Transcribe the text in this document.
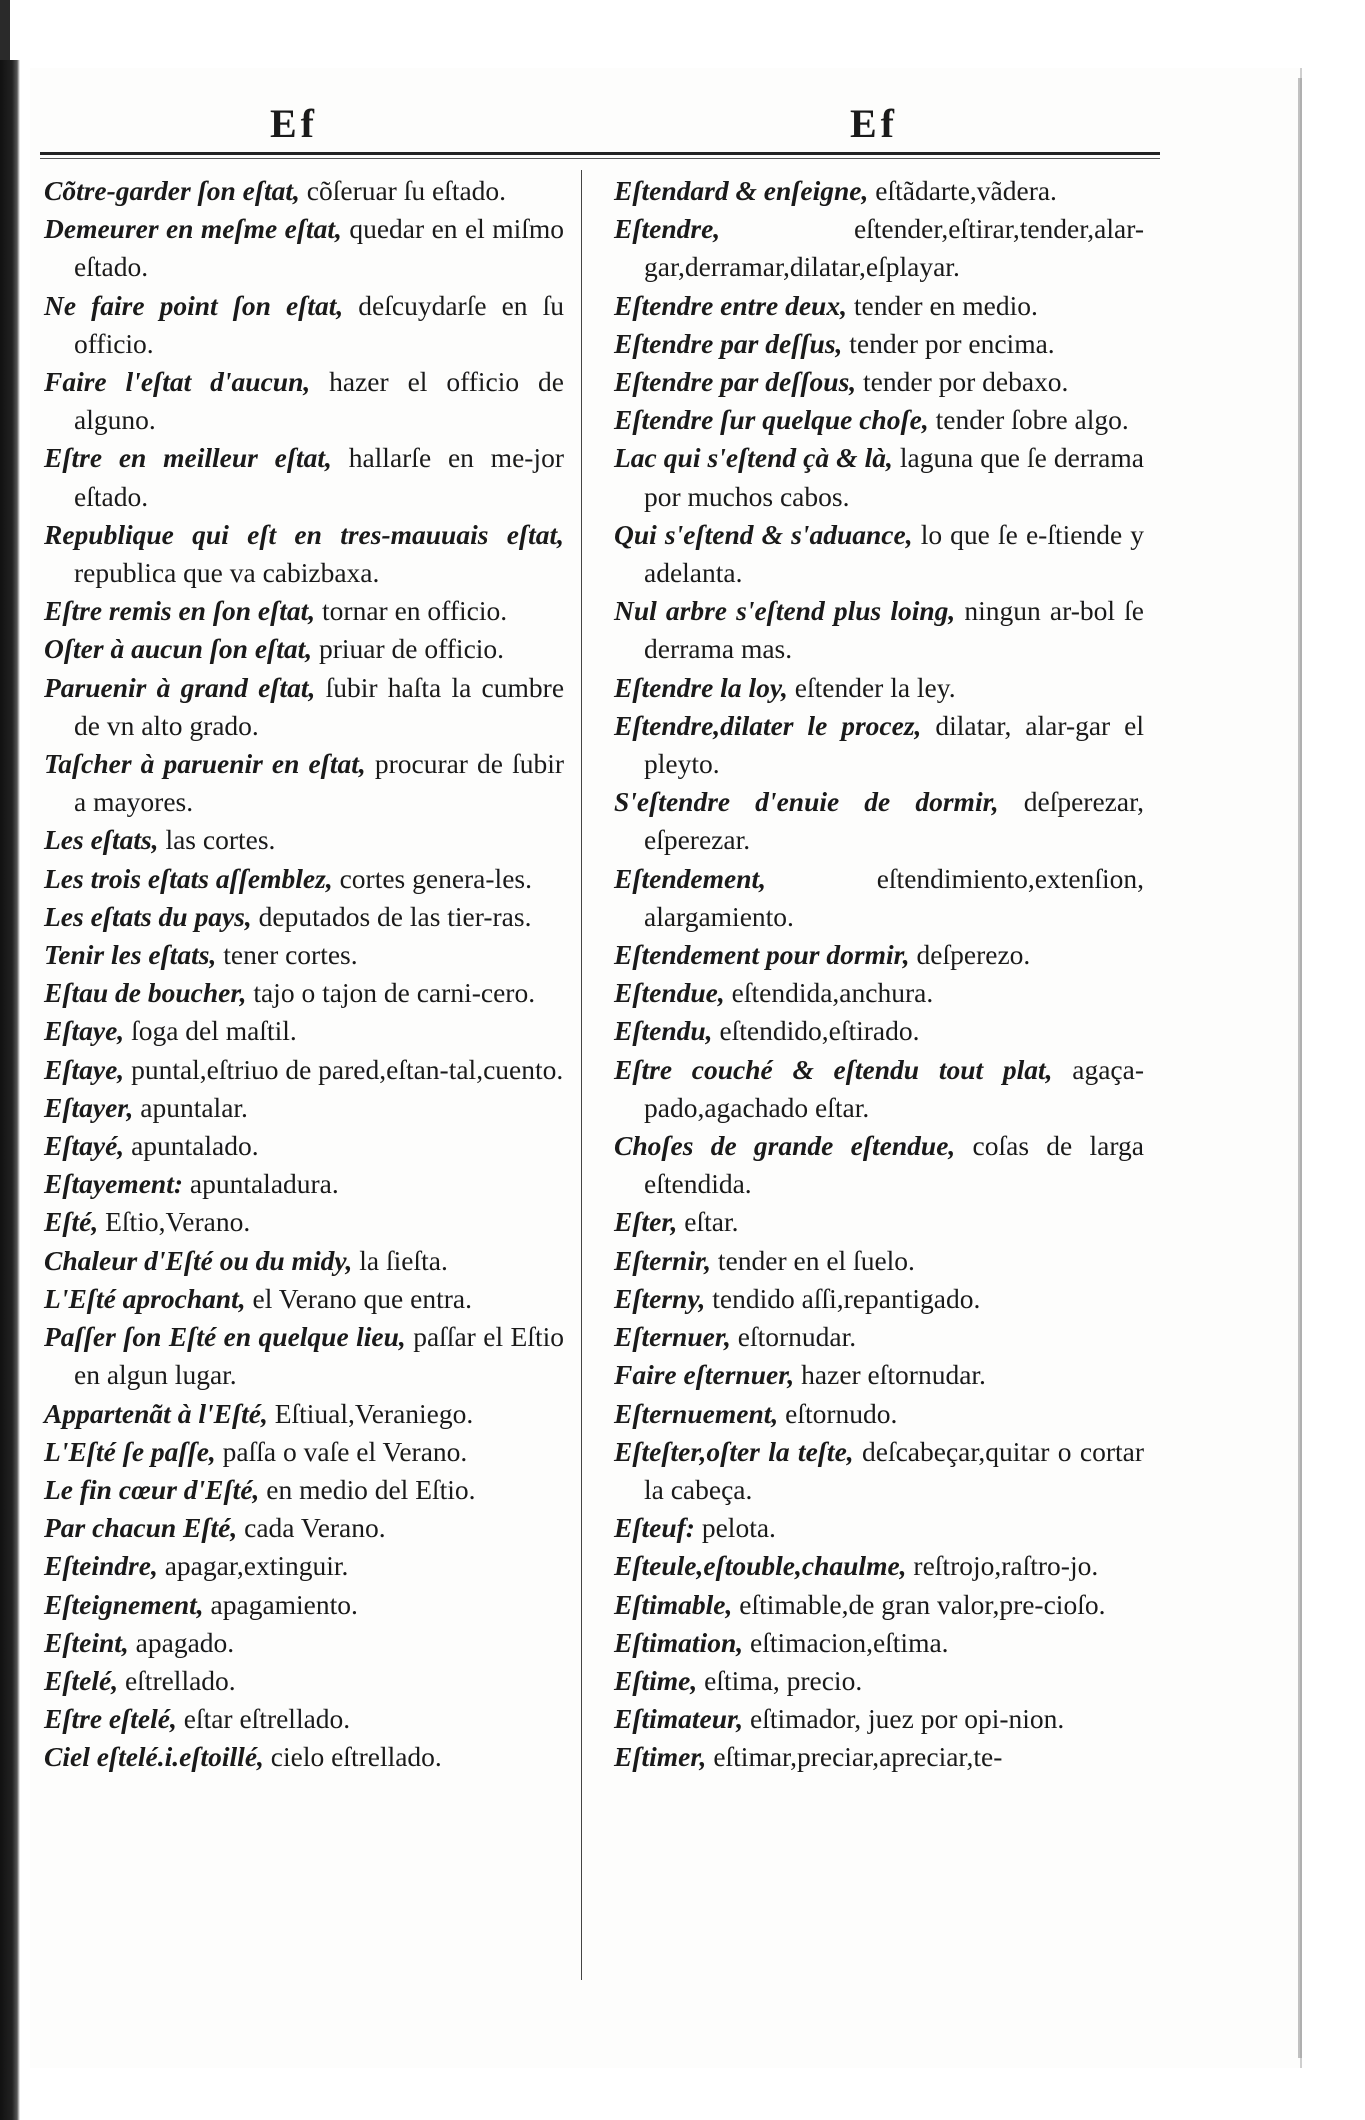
Ef	Ef

Cõtre-garder ſon eſtat, cõſeruar ſu eſtado.

Demeurer en meſme eſtat, quedar en el miſmo eſtado.

Ne faire point ſon eſtat, deſcuydarſe en ſu officio.

Faire l'eſtat d'aucun, hazer el officio de alguno.

Eſtre en meilleur eſtat, hallarſe en me-jor eſtado.

Republique qui eſt en tres-mauuais eſtat, republica que va cabizbaxa.

Eſtre remis en ſon eſtat, tornar en officio.

Oſter à aucun ſon eſtat, priuar de officio.

Paruenir à grand eſtat, ſubir haſta la cumbre de vn alto grado.

Taſcher à paruenir en eſtat, procurar de ſubir a mayores.

Les eſtats, las cortes.

Les trois eſtats aſſemblez, cortes genera-les.

Les eſtats du pays, deputados de las tier-ras.

Tenir les eſtats, tener cortes.

Eſtau de boucher, tajo o tajon de carni-cero.

Eſtaye, ſoga del maſtil.

Eſtaye, puntal,eſtriuo de pared,eſtan-tal,cuento.

Eſtayer, apuntalar.

Eſtayé, apuntalado.

Eſtayement: apuntaladura.

Eſté, Eſtio,Verano.

Chaleur d'Eſté ou du midy, la ſieſta.

L'Eſté aprochant, el Verano que entra.

Paſſer ſon Eſté en quelque lieu, paſſar el Eſtio en algun lugar.

Appartenãt à l'Eſté, Eſtiual,Veraniego.

L'Eſté ſe paſſe, paſſa o vaſe el Verano.

Le fin cœur d'Eſté, en medio del Eſtio.

Par chacun Eſté, cada Verano.

Eſteindre, apagar,extinguir.

Eſteignement, apagamiento.

Eſteint, apagado.

Eſtelé, eſtrellado.

Eſtre eſtelé, eſtar eſtrellado.

Ciel eſtelé.i.eſtoillé, cielo eſtrellado.

Eſtendard & enſeigne, eſtãdarte,vãdera.

Eſtendre,	eſtender,eſtirar,tender,alar-gar,derramar,dilatar,eſplayar.

Eſtendre entre deux, tender en medio.

Eſtendre par deſſus, tender por encima.

Eſtendre par deſſous, tender por debaxo.

Eſtendre ſur quelque choſe, tender ſobre algo.

Lac qui s'eſtend çà & là, laguna que ſe derrama por muchos cabos.

Qui s'eſtend & s'aduance, lo que ſe e-ſtiende y adelanta.

Nul arbre s'eſtend plus loing, ningun ar-bol ſe derrama mas.

Eſtendre la loy, eſtender la ley.

Eſtendre,dilater le procez, dilatar, alar-gar el pleyto.

S'eſtendre d'enuie de dormir, deſperezar, eſperezar.

Eſtendement,	eſtendimiento,extenſion, alargamiento.

Eſtendement pour dormir, deſperezo.

Eſtendue, eſtendida,anchura.

Eſtendu, eſtendido,eſtirado.

Eſtre couché & eſtendu tout plat, agaça-pado,agachado eſtar.

Choſes de grande eſtendue, coſas de larga eſtendida.

Eſter, eſtar.

Eſternir, tender en el ſuelo.

Eſterny, tendido aſſi,repantigado.

Eſternuer, eſtornudar.

Faire eſternuer, hazer eſtornudar.

Eſternuement, eſtornudo.

Eſteſter,oſter la teſte, deſcabeçar,quitar o cortar la cabeça.

Eſteuf: pelota.

Eſteule,eſtouble,chaulme, reſtrojo,raſtro-jo.

Eſtimable, eſtimable,de gran valor,pre-cioſo.

Eſtimation, eſtimacion,eſtima.

Eſtime, eſtima, precio.

Eſtimateur, eſtimador, juez por opi-nion.

Eſtimer, eſtimar,preciar,apreciar,te-
